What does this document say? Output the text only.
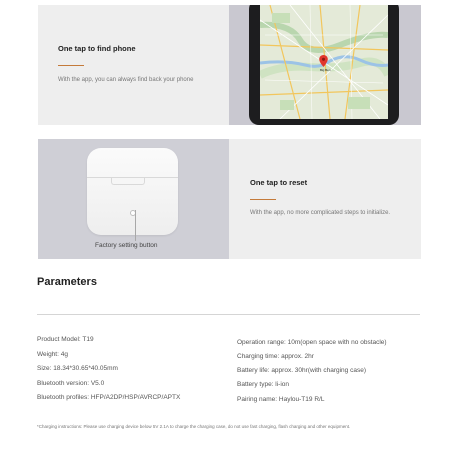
One tap to find phone
With the app, you can always find back your phone
Big Ben
Factory setting button
One tap to reset
With the app, no more complicated steps to initialize.
Parameters
Product Model: T19
Weight: 4g
Size: 18.34*30.65*40.05mm
Bluetooth version: V5.0
Bluetooth profiles: HFP/A2DP/HSP/AVRCP/APTX
Operation range: 10m(open space with no obstacle)
Charging time: approx. 2hr
Battery life: approx. 30hr(with charging case)
Battery type: li-ion
Pairing name: Haylou-T19 R/L
*Charging instructions: Please use charging device below 5V 2.1A to charge the charging case, do not use fast charging, flash charging and other equipment.
